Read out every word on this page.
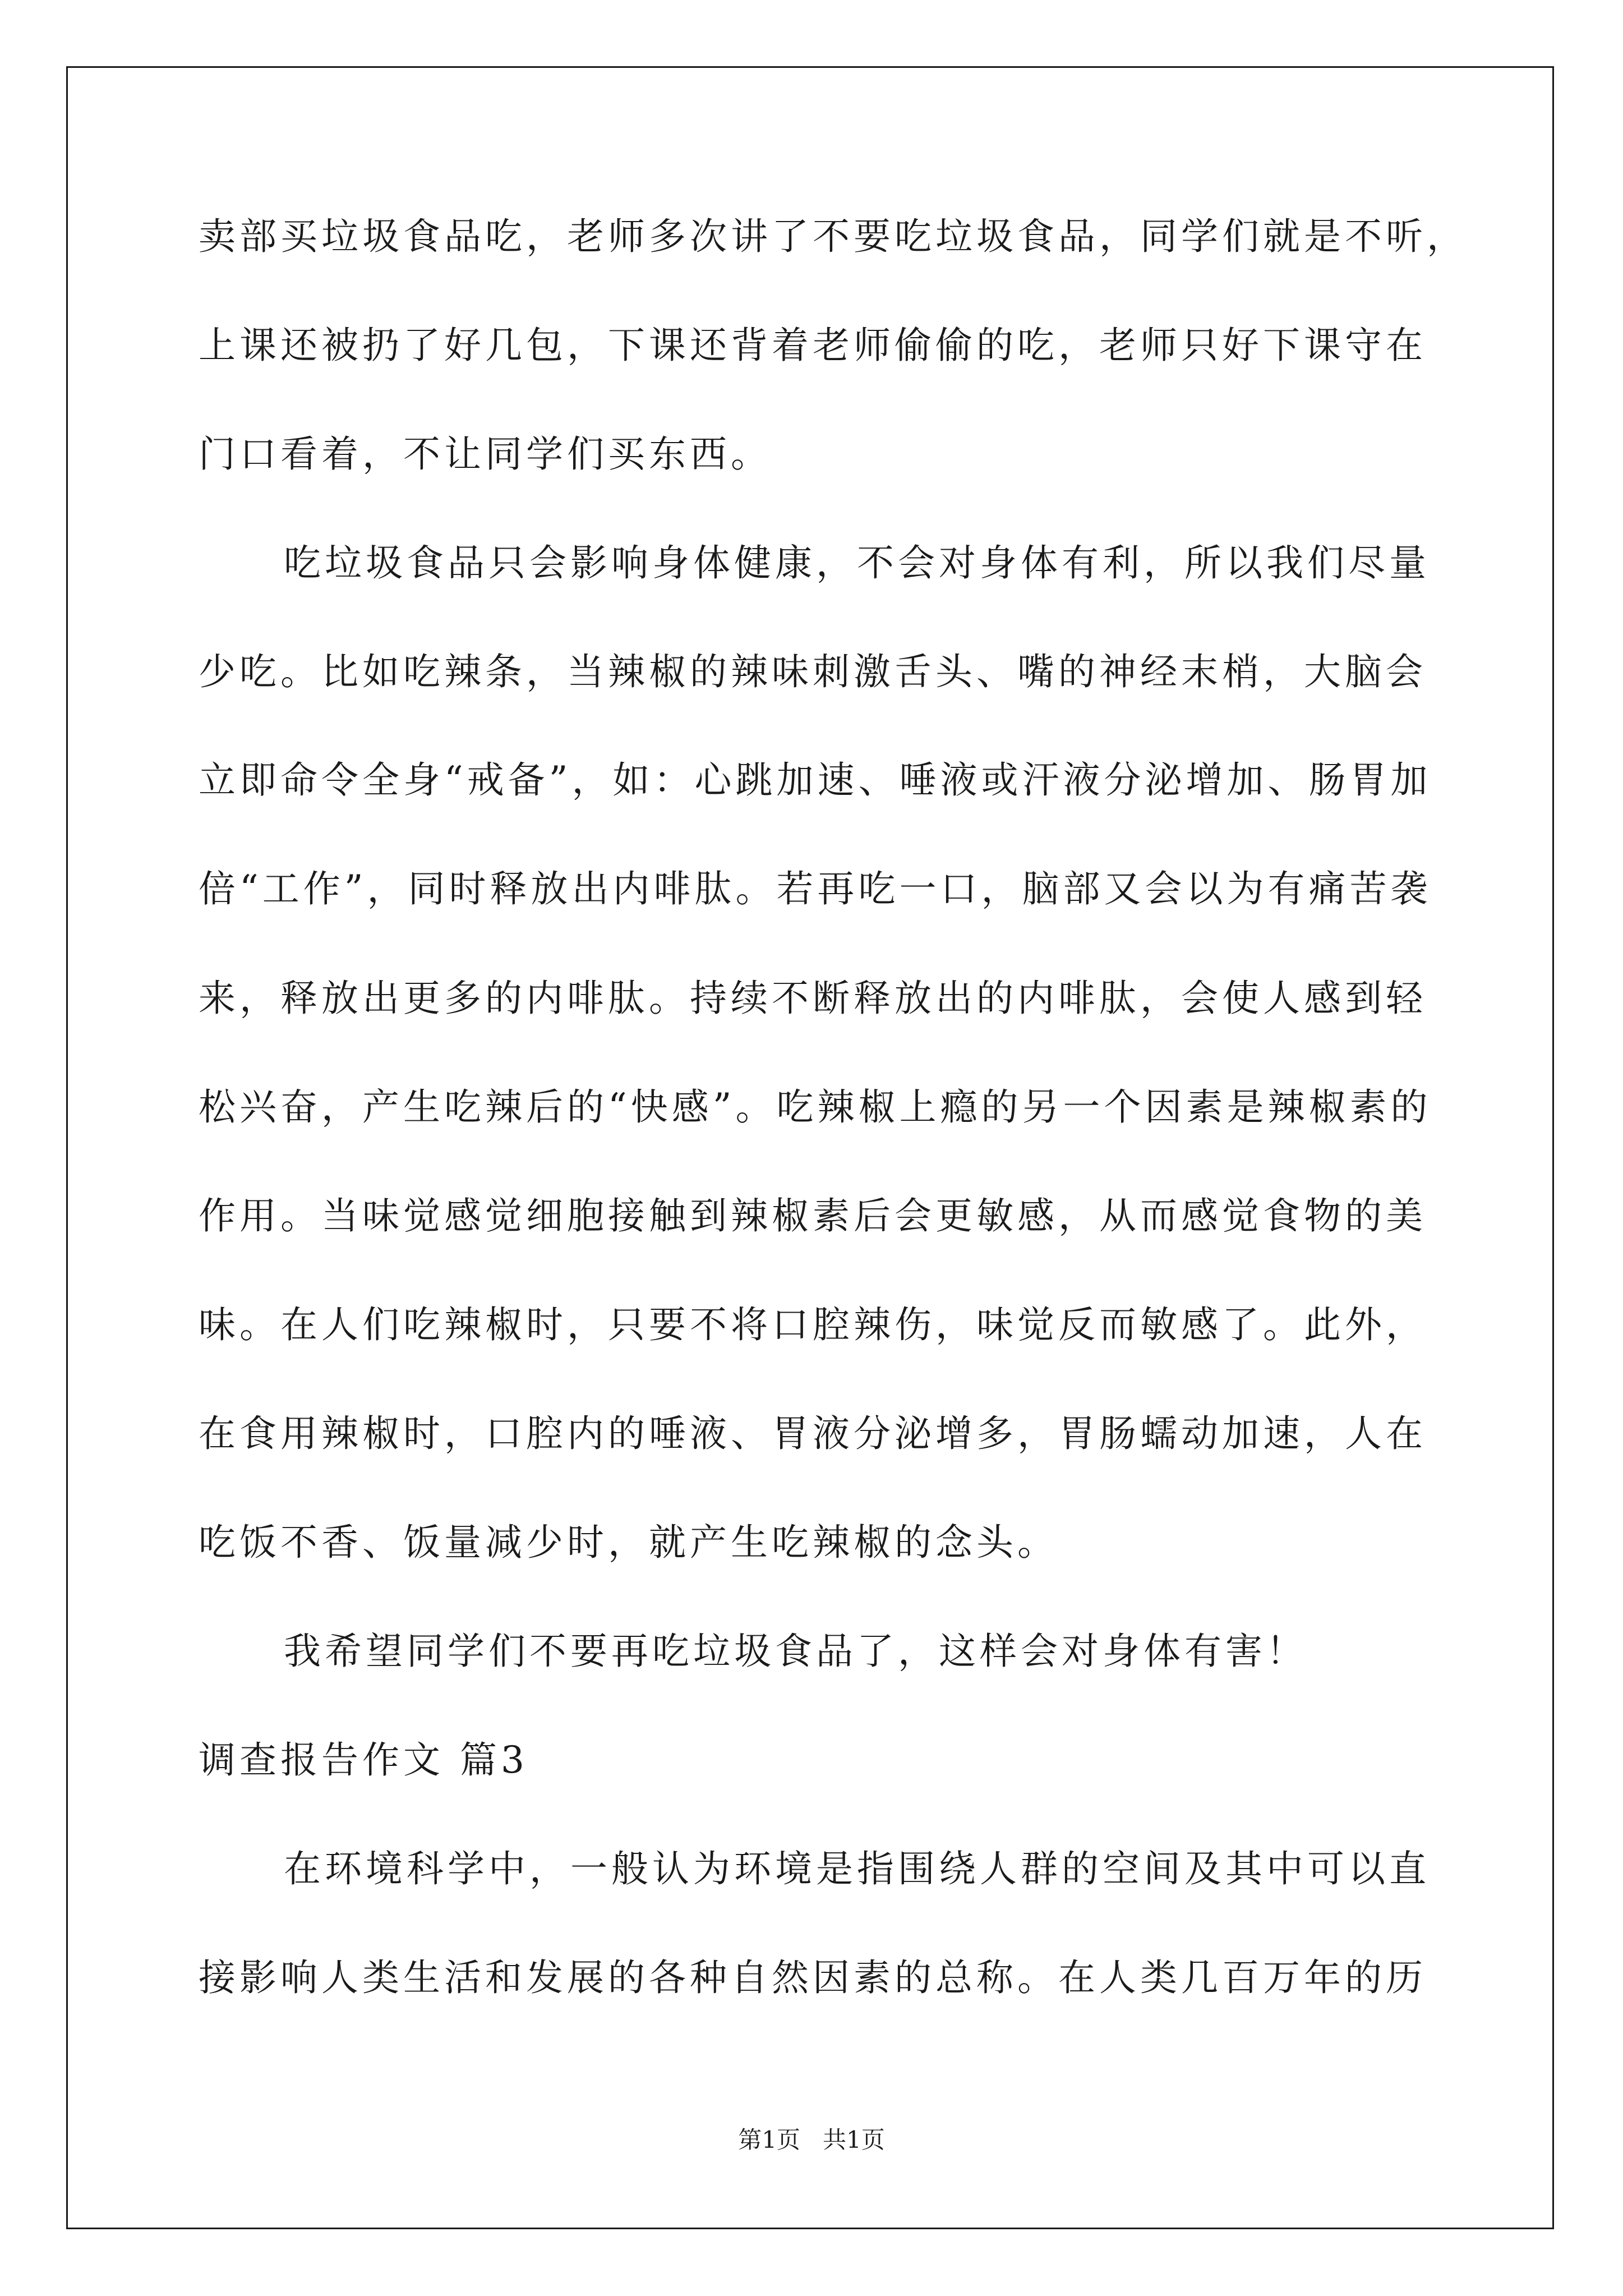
卖部买垃圾食品吃，老师多次讲了不要吃垃圾食品，同学们就是不听，
上课还被扔了好几包，下课还背着老师偷偷的吃，老师只好下课守在
门口看着，不让同学们买东西。
吃垃圾食品只会影响身体健康，不会对身体有利，所以我们尽量
少吃。比如吃辣条，当辣椒的辣味刺激舌头、嘴的神经末梢，大脑会
立即命令全身“戒备”，如：心跳加速、唾液或汗液分泌增加、肠胃加
倍“工作”，同时释放出内啡肽。若再吃一口，脑部又会以为有痛苦袭
来，释放出更多的内啡肽。持续不断释放出的内啡肽，会使人感到轻
松兴奋，产生吃辣后的“快感”。吃辣椒上瘾的另一个因素是辣椒素的
作用。当味觉感觉细胞接触到辣椒素后会更敏感，从而感觉食物的美
味。在人们吃辣椒时，只要不将口腔辣伤，味觉反而敏感了。此外，
在食用辣椒时，口腔内的唾液、胃液分泌增多，胃肠蠕动加速，人在
吃饭不香、饭量减少时，就产生吃辣椒的念头。
我希望同学们不要再吃垃圾食品了，这样会对身体有害！
调查报告作文 篇3
在环境科学中，一般认为环境是指围绕人群的空间及其中可以直
接影响人类生活和发展的各种自然因素的总称。在人类几百万年的历
第1页   共1页
